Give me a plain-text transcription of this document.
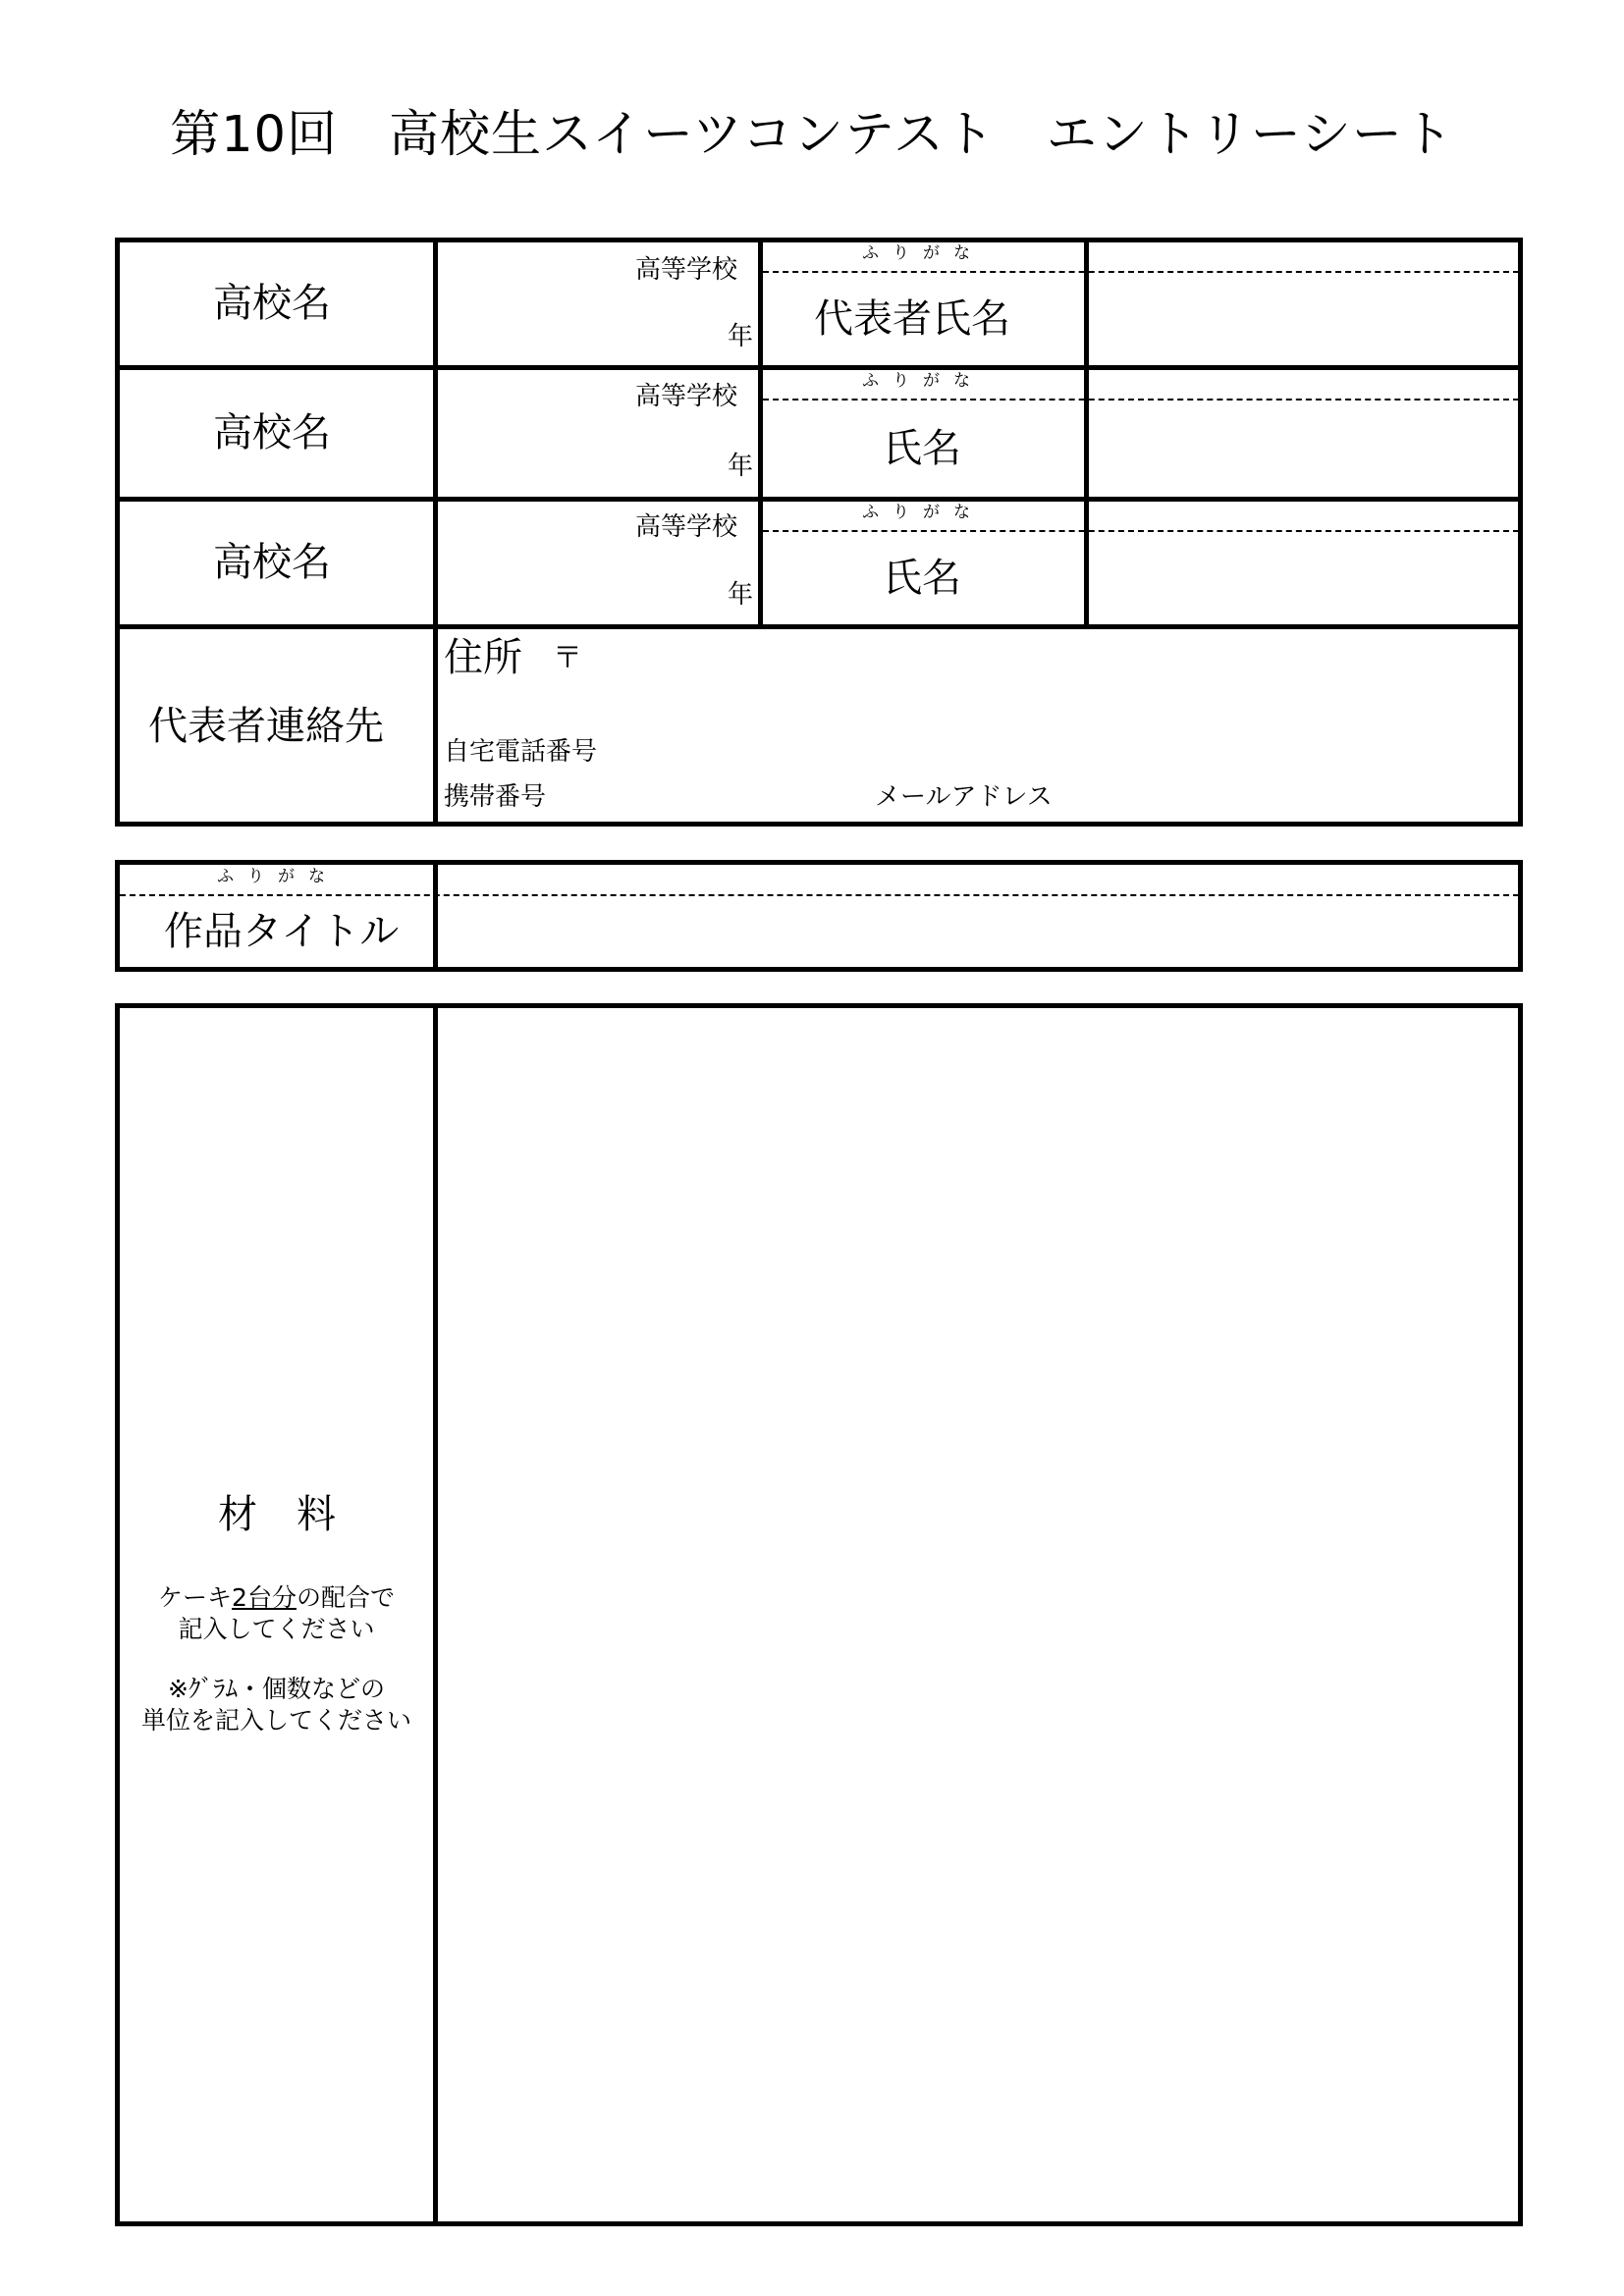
第10回　高校生スイーツコンテスト　エントリーシート
高校名
高等学校
年
ふりがな
代表者氏名
高校名
高等学校
年
ふりがな
氏名
高校名
高等学校
年
ふりがな
氏名
代表者連絡先
住所 〒
自宅電話番号
携帯番号	メールアドレス
ふりがな
作品タイトル
材　料
ケーキ2台分の配合で
記入してください
※ｸﾞﾗﾑ・個数などの
単位を記入してください
